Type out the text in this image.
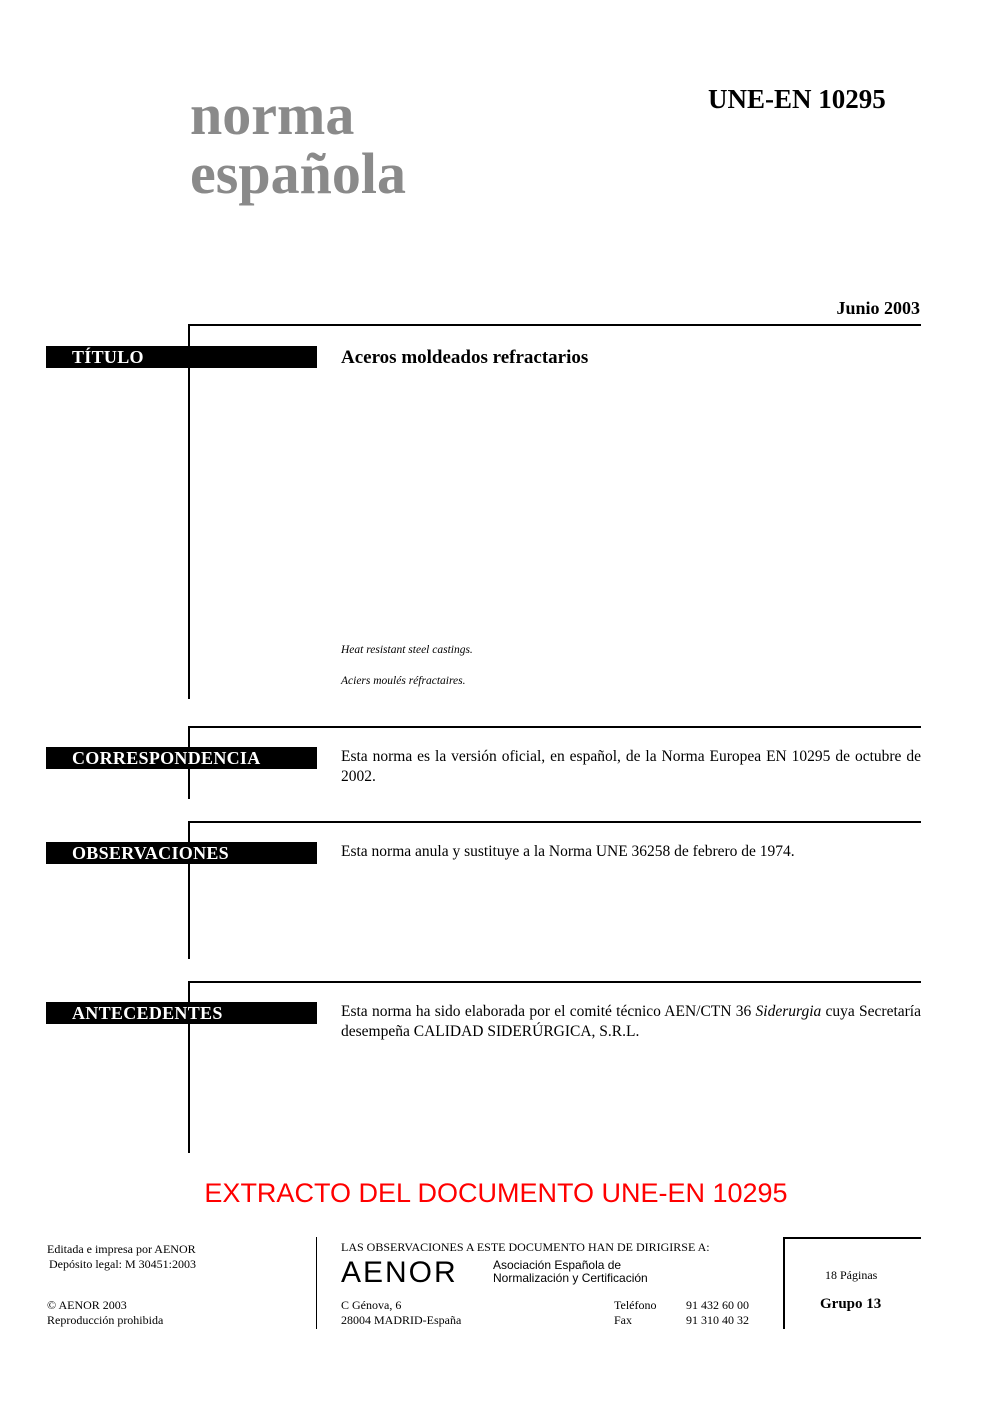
norma
española
UNE-EN 10295
Junio 2003
TÍTULO	Aceros moldeados refractarios
Heat resistant steel castings.
Aciers moulés réfractaires.
CORRESPONDENCIA	Esta norma es la versión oficial, en español, de la Norma Europea EN 10295 de octubre de 2002.
OBSERVACIONES	Esta norma anula y sustituye a la Norma UNE 36258 de febrero de 1974.
ANTECEDENTES	Esta norma ha sido elaborada por el comité técnico AEN/CTN 36 Siderurgia cuya Secretaría desempeña CALIDAD SIDERÚRGICA, S.R.L.
EXTRACTO DEL DOCUMENTO UNE-EN 10295
Editada e impresa por AENOR
Depósito legal: M 30451:2003
© AENOR 2003
Reproducción prohibida
LAS OBSERVACIONES A ESTE DOCUMENTO HAN DE DIRIGIRSE A:
AENOR	Asociación Española de
Normalización y Certificación
C Génova, 6
28004 MADRID-España
Teléfono 91 432 60 00
Fax	91 310 40 32
18 Páginas
Grupo 13
